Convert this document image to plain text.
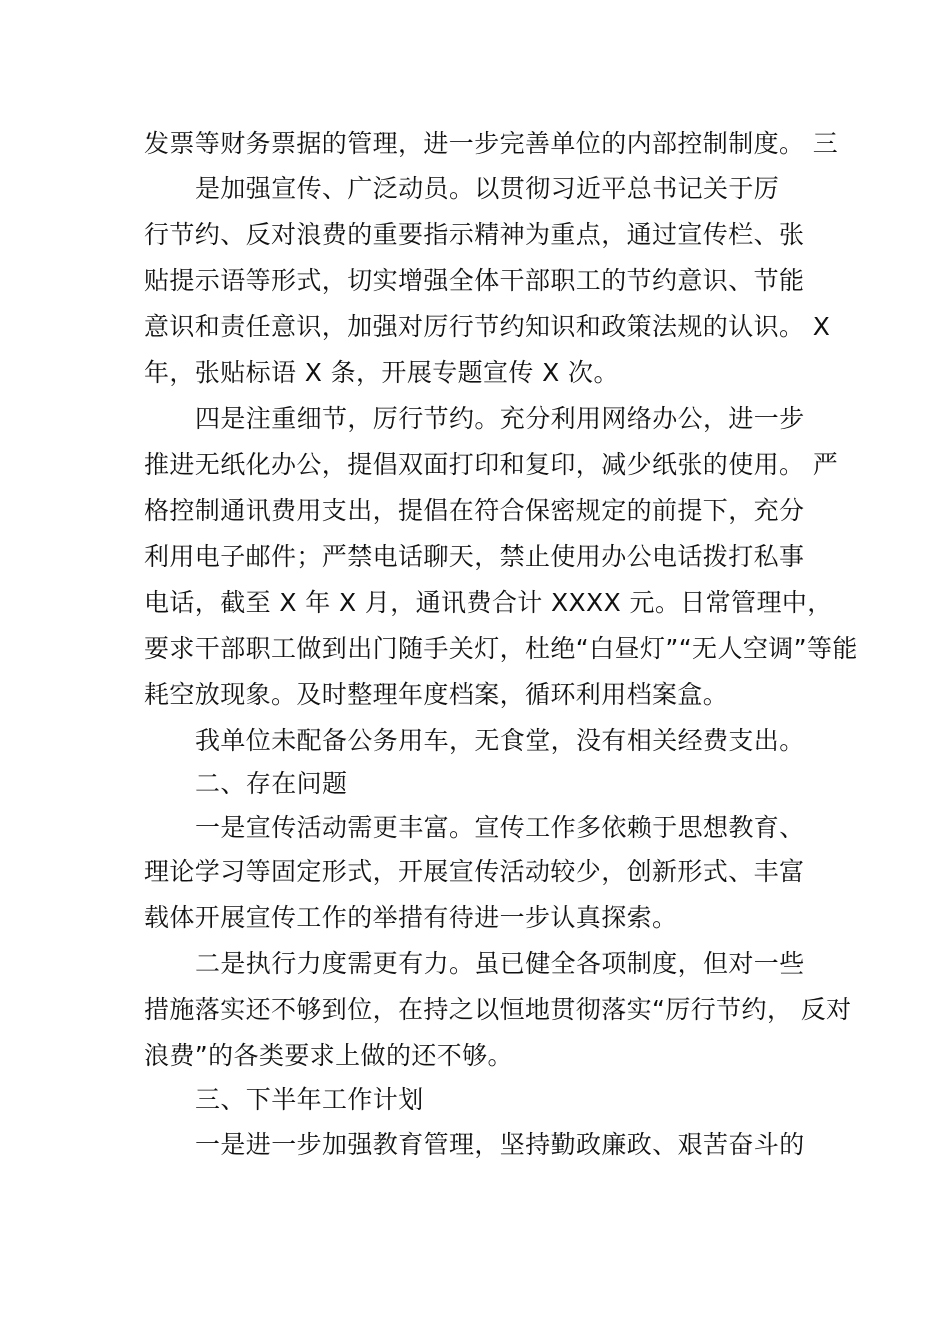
发票等财务票据的管理，进一步完善单位的内部控制制度。 三
是加强宣传、广泛动员。以贯彻习近平总书记关于厉
行节约、反对浪费的重要指示精神为重点，通过宣传栏、张
贴提示语等形式，切实增强全体干部职工的节约意识、节能
意识和责任意识，加强对厉行节约知识和政策法规的认识。 X
年，张贴标语 X 条，开展专题宣传 X 次。
四是注重细节，厉行节约。充分利用网络办公，进一步
推进无纸化办公，提倡双面打印和复印，减少纸张的使用。 严
格控制通讯费用支出，提倡在符合保密规定的前提下，充分
利用电子邮件；严禁电话聊天，禁止使用办公电话拨打私事
电话，截至 X 年 X 月，通讯费合计 XXXX 元。日常管理中，
要求干部职工做到出门随手关灯，杜绝“白昼灯”“无人空调”等能
耗空放现象。及时整理年度档案，循环利用档案盒。
我单位未配备公务用车，无食堂，没有相关经费支出。
二、存在问题
一是宣传活动需更丰富。宣传工作多依赖于思想教育、
理论学习等固定形式，开展宣传活动较少，创新形式、丰富
载体开展宣传工作的举措有待进一步认真探索。
二是执行力度需更有力。虽已健全各项制度，但对一些
措施落实还不够到位，在持之以恒地贯彻落实“厉行节约， 反对
浪费”的各类要求上做的还不够。
三、下半年工作计划
一是进一步加强教育管理，坚持勤政廉政、艰苦奋斗的
